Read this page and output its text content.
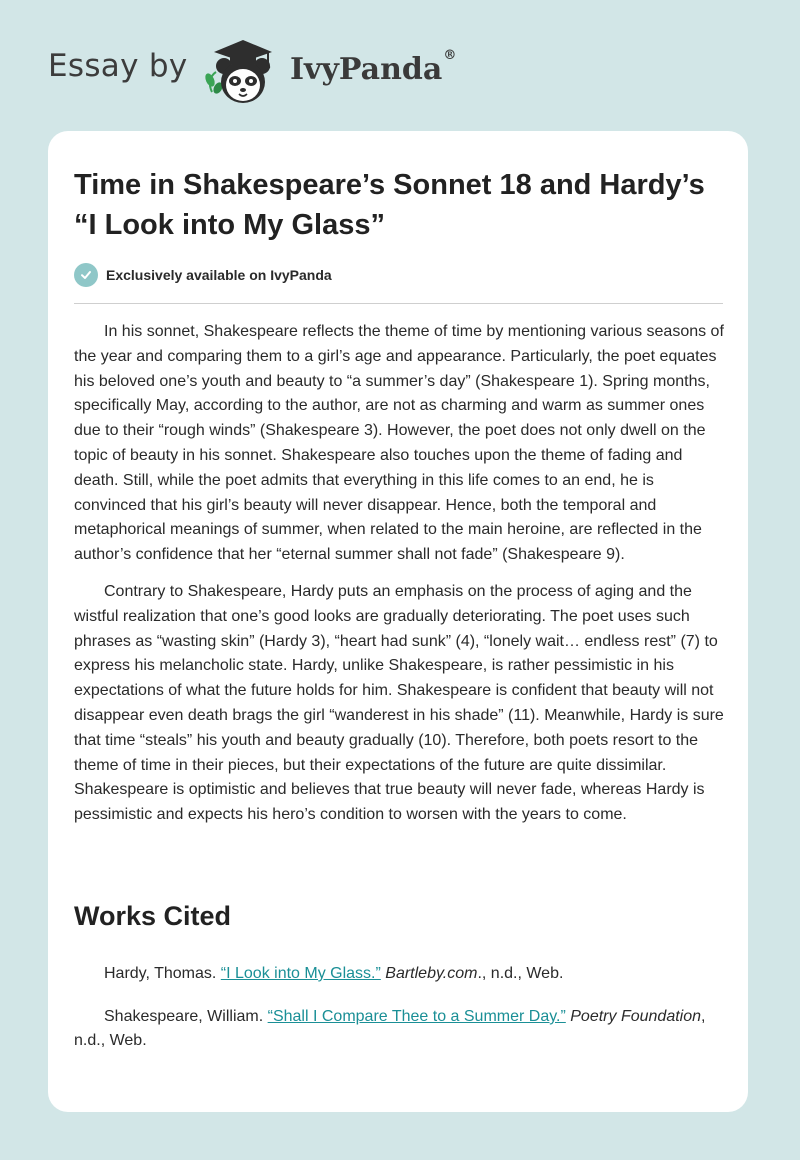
Essay by	IvyPanda®
Time in Shakespeare’s Sonnet 18 and Hardy’s “I Look into My Glass”
Exclusively available on IvyPanda

In his sonnet, Shakespeare reflects the theme of time by mentioning various seasons of the year and comparing them to a girl’s age and appearance. Particularly, the poet equates his beloved one’s youth and beauty to “a summer’s day” (Shakespeare 1). Spring months, specifically May, according to the author, are not as charming and warm as summer ones due to their “rough winds” (Shakespeare 3). However, the poet does not only dwell on the topic of beauty in his sonnet. Shakespeare also touches upon the theme of fading and death. Still, while the poet admits that everything in this life comes to an end, he is convinced that his girl’s beauty will never disappear. Hence, both the temporal and metaphorical meanings of summer, when related to the main heroine, are reflected in the author’s confidence that her “eternal summer shall not fade” (Shakespeare 9).

Contrary to Shakespeare, Hardy puts an emphasis on the process of aging and the wistful realization that one’s good looks are gradually deteriorating. The poet uses such phrases as “wasting skin” (Hardy 3), “heart had sunk” (4), “lonely wait… endless rest” (7) to express his melancholic state. Hardy, unlike Shakespeare, is rather pessimistic in his expectations of what the future holds for him. Shakespeare is confident that beauty will not disappear even death brags the girl “wanderest in his shade” (11). Meanwhile, Hardy is sure that time “steals” his youth and beauty gradually (10). Therefore, both poets resort to the theme of time in their pieces, but their expectations of the future are quite dissimilar. Shakespeare is optimistic and believes that true beauty will never fade, whereas Hardy is pessimistic and expects his hero’s condition to worsen with the years to come.

Works Cited

Hardy, Thomas. “I Look into My Glass.” Bartleby.com., n.d., Web.

Shakespeare, William. “Shall I Compare Thee to a Summer Day.” Poetry Foundation, n.d., Web.
